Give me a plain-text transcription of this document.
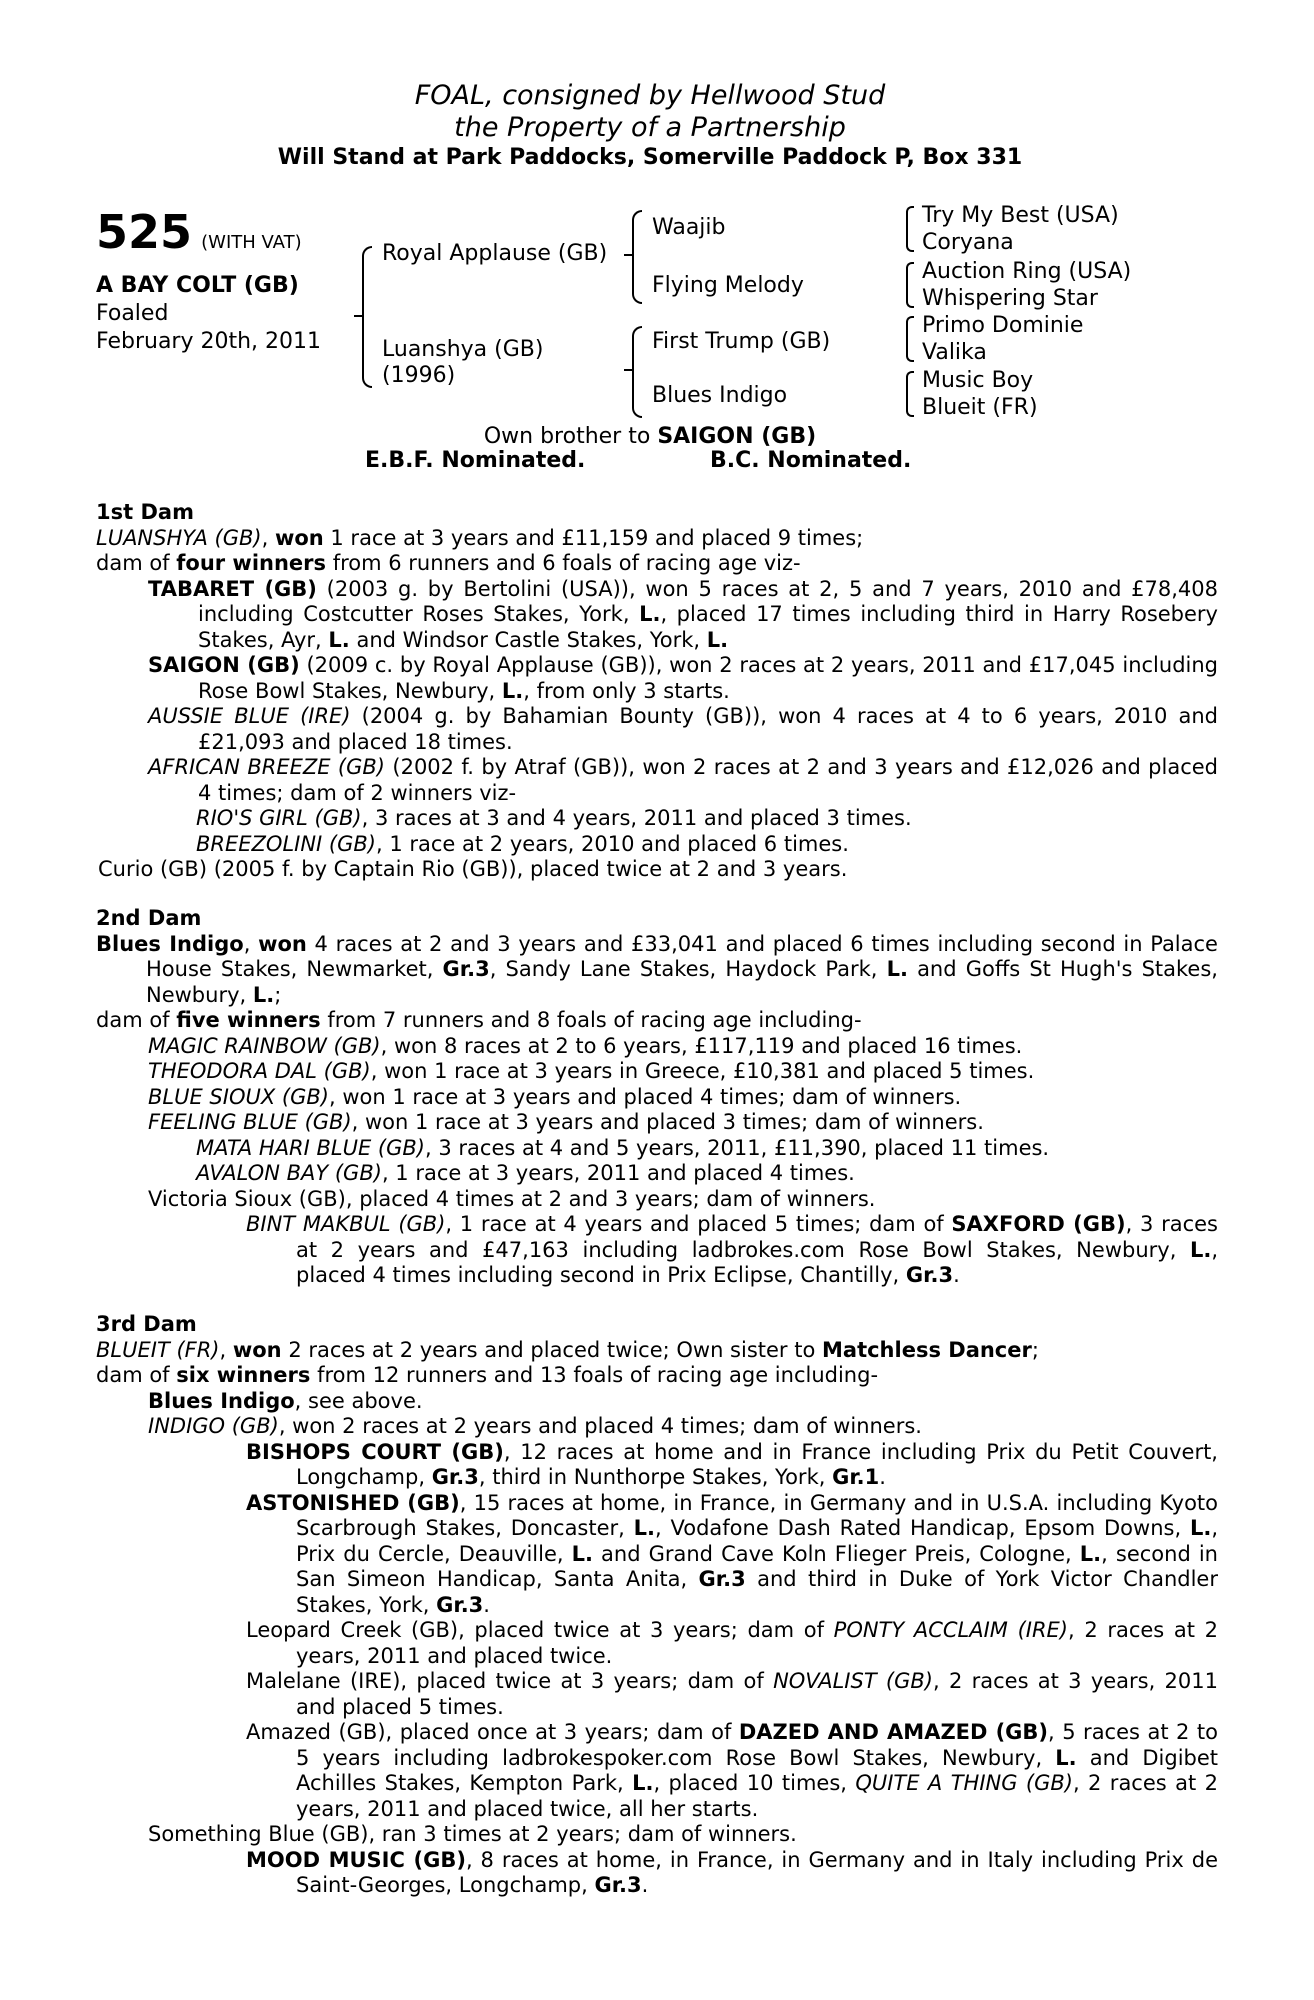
FOAL, consigned by Hellwood Stud
the Property of a Partnership
Will Stand at Park Paddocks, Somerville Paddock P, Box 331
525 (WITH VAT)
A BAY COLT (GB)
Foaled
February 20th, 2011
Royal Applause (GB)
Luanshya (GB)
(1996)
Waajib
Flying Melody
First Trump (GB)
Blues Indigo
Try My Best (USA)
Coryana
Auction Ring (USA)
Whispering Star
Primo Dominie
Valika
Music Boy
Blueit (FR)
Own brother to SAIGON (GB)
E.B.F. Nominated.	B.C. Nominated.
1st Dam

LUANSHYA (GB), won 1 race at 3 years and £11,159 and placed 9 times;

dam of four winners from 6 runners and 6 foals of racing age viz-

TABARET (GB) (2003 g. by Bertolini (USA)), won 5 races at 2, 5 and 7 years, 2010 and £78,408 including Costcutter Roses Stakes, York, L., placed 17 times including third in Harry Rosebery Stakes, Ayr, L. and Windsor Castle Stakes, York, L.

SAIGON (GB) (2009 c. by Royal Applause (GB)), won 2 races at 2 years, 2011 and £17,045 including Rose Bowl Stakes, Newbury, L., from only 3 starts.

AUSSIE BLUE (IRE) (2004 g. by Bahamian Bounty (GB)), won 4 races at 4 to 6 years, 2010 and £21,093 and placed 18 times.

AFRICAN BREEZE (GB) (2002 f. by Atraf (GB)), won 2 races at 2 and 3 years and £12,026 and placed 4 times; dam of 2 winners viz-

RIO'S GIRL (GB), 3 races at 3 and 4 years, 2011 and placed 3 times.

BREEZOLINI (GB), 1 race at 2 years, 2010 and placed 6 times.

Curio (GB) (2005 f. by Captain Rio (GB)), placed twice at 2 and 3 years.

2nd Dam

Blues Indigo, won 4 races at 2 and 3 years and £33,041 and placed 6 times including second in Palace House Stakes, Newmarket, Gr.3, Sandy Lane Stakes, Haydock Park, L. and Goffs St Hugh's Stakes, Newbury, L.;

dam of five winners from 7 runners and 8 foals of racing age including-

MAGIC RAINBOW (GB), won 8 races at 2 to 6 years, £117,119 and placed 16 times.

THEODORA DAL (GB), won 1 race at 3 years in Greece, £10,381 and placed 5 times.

BLUE SIOUX (GB), won 1 race at 3 years and placed 4 times; dam of winners.

FEELING BLUE (GB), won 1 race at 3 years and placed 3 times; dam of winners.

MATA HARI BLUE (GB), 3 races at 4 and 5 years, 2011, £11,390, placed 11 times.

AVALON BAY (GB), 1 race at 3 years, 2011 and placed 4 times.

Victoria Sioux (GB), placed 4 times at 2 and 3 years; dam of winners.

BINT MAKBUL (GB), 1 race at 4 years and placed 5 times; dam of SAXFORD (GB), 3 races at 2 years and £47,163 including ladbrokes.com Rose Bowl Stakes, Newbury, L., placed 4 times including second in Prix Eclipse, Chantilly, Gr.3.

3rd Dam

BLUEIT (FR), won 2 races at 2 years and placed twice; Own sister to Matchless Dancer;

dam of six winners from 12 runners and 13 foals of racing age including-

Blues Indigo, see above.

INDIGO (GB), won 2 races at 2 years and placed 4 times; dam of winners.

BISHOPS COURT (GB), 12 races at home and in France including Prix du Petit Couvert, Longchamp, Gr.3, third in Nunthorpe Stakes, York, Gr.1.

ASTONISHED (GB), 15 races at home, in France, in Germany and in U.S.A. including Kyoto Scarbrough Stakes, Doncaster, L., Vodafone Dash Rated Handicap, Epsom Downs, L., Prix du Cercle, Deauville, L. and Grand Cave Koln Flieger Preis, Cologne, L., second in San Simeon Handicap, Santa Anita, Gr.3 and third in Duke of York Victor Chandler Stakes, York, Gr.3.

Leopard Creek (GB), placed twice at 3 years; dam of PONTY ACCLAIM (IRE), 2 races at 2 years, 2011 and placed twice.

Malelane (IRE), placed twice at 3 years; dam of NOVALIST (GB), 2 races at 3 years, 2011 and placed 5 times.

Amazed (GB), placed once at 3 years; dam of DAZED AND AMAZED (GB), 5 races at 2 to 5 years including ladbrokespoker.com Rose Bowl Stakes, Newbury, L. and Digibet Achilles Stakes, Kempton Park, L., placed 10 times, QUITE A THING (GB), 2 races at 2 years, 2011 and placed twice, all her starts.

Something Blue (GB), ran 3 times at 2 years; dam of winners.

MOOD MUSIC (GB), 8 races at home, in France, in Germany and in Italy including Prix de Saint-Georges, Longchamp, Gr.3.
